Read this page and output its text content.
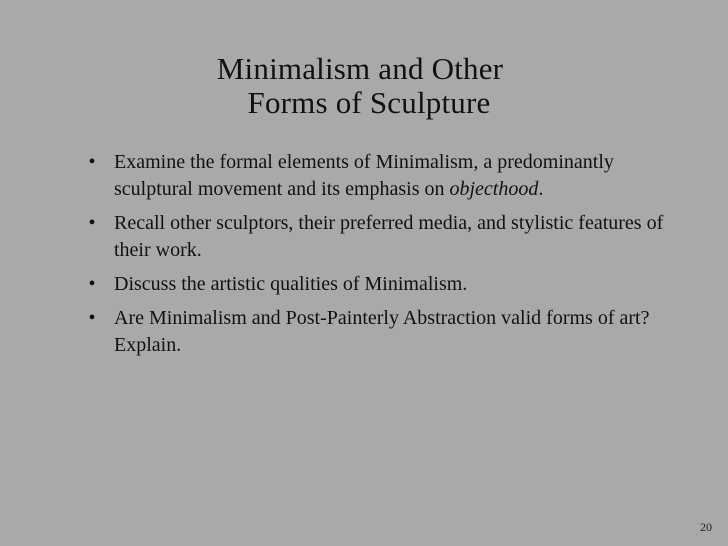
Minimalism and Other
Forms of Sculpture
• Examine the formal elements of Minimalism, a predominantly sculptural movement and its emphasis on objecthood.
• Recall other sculptors, their preferred media, and stylistic features of their work.
• Discuss the artistic qualities of Minimalism.
• Are Minimalism and Post-Painterly Abstraction valid forms of art? Explain.
20
